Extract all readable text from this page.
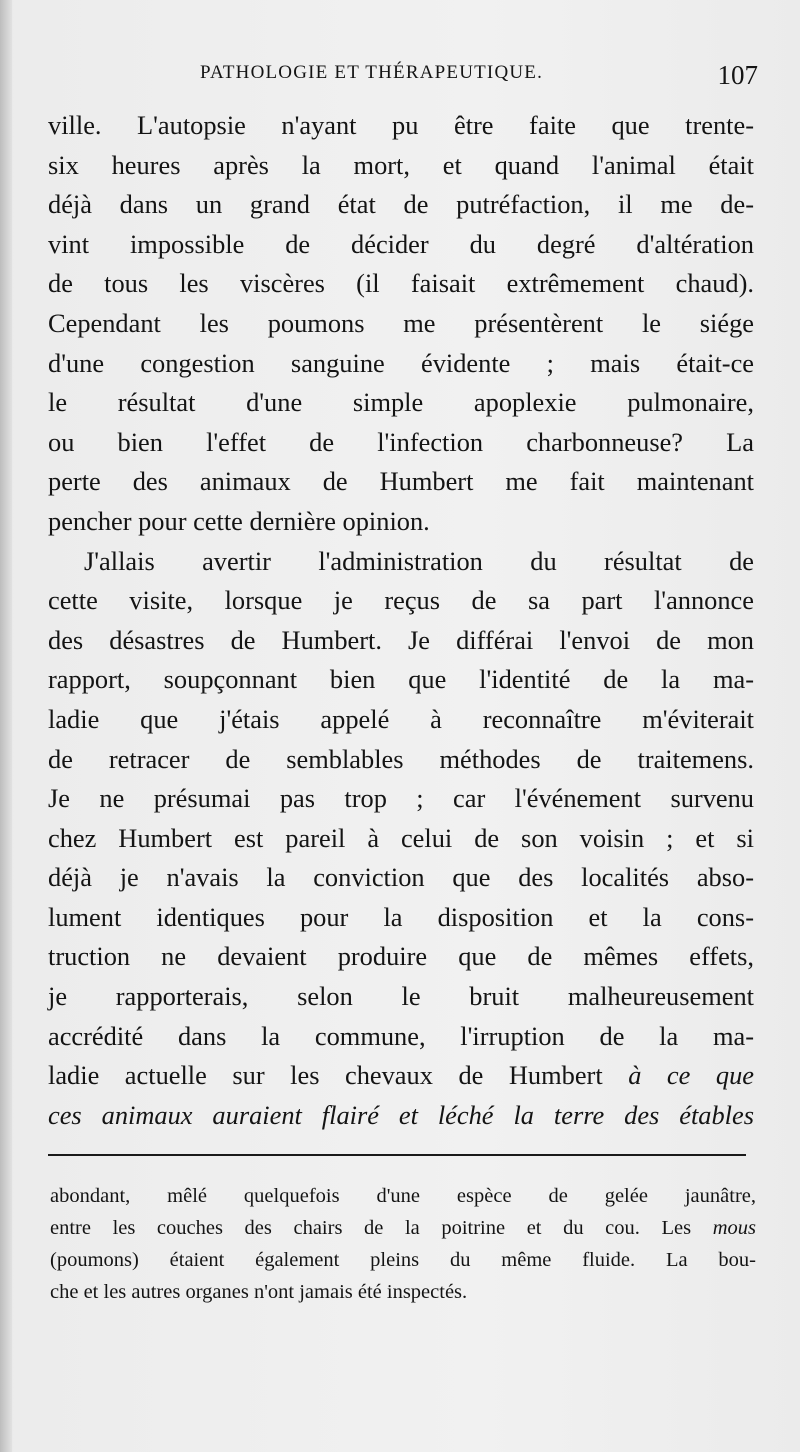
PATHOLOGIE ET THÉRAPEUTIQUE.	107
ville. L'autopsie n'ayant pu être faite que trente-
six heures après la mort, et quand l'animal était
déjà dans un grand état de putréfaction, il me de-
vint impossible de décider du degré d'altération
de tous les viscères (il faisait extrêmement chaud).
Cependant les poumons me présentèrent le siége
d'une congestion sanguine évidente ; mais était-ce
le résultat d'une simple apoplexie pulmonaire,
ou bien l'effet de l'infection charbonneuse? La
perte des animaux de Humbert me fait maintenant
pencher pour cette dernière opinion.
J'allais avertir l'administration du résultat de
cette visite, lorsque je reçus de sa part l'annonce
des désastres de Humbert. Je différai l'envoi de mon
rapport, soupçonnant bien que l'identité de la ma-
ladie que j'étais appelé à reconnaître m'éviterait
de retracer de semblables méthodes de traitemens.
Je ne présumai pas trop ; car l'événement survenu
chez Humbert est pareil à celui de son voisin ; et si
déjà je n'avais la conviction que des localités abso-
lument identiques pour la disposition et la cons-
truction ne devaient produire que de mêmes effets,
je rapporterais, selon le bruit malheureusement
accrédité dans la commune, l'irruption de la ma-
ladie actuelle sur les chevaux de Humbert à ce que
ces animaux auraient flairé et léché la terre des étables
abondant, mêlé quelquefois d'une espèce de gelée jaunâtre,
entre les couches des chairs de la poitrine et du cou. Les mous
(poumons) étaient également pleins du même fluide. La bou-
che et les autres organes n'ont jamais été inspectés.
